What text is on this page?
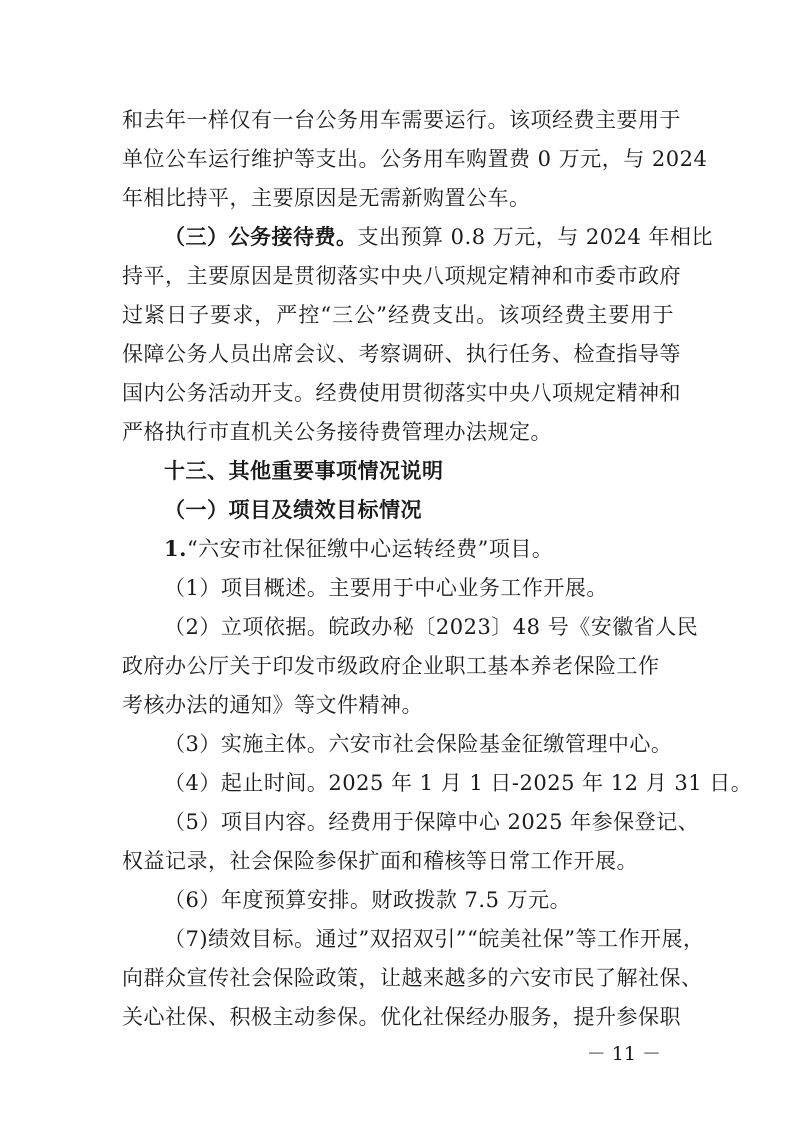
和去年一样仅有一台公务用车需要运行。该项经费主要用于
单位公车运行维护等支出。公务用车购置费 0 万元，与 2024
年相比持平，主要原因是无需新购置公车。
（三）公务接待费。支出预算 0.8 万元，与 2024 年相比
持平，主要原因是贯彻落实中央八项规定精神和市委市政府
过紧日子要求，严控“三公”经费支出。该项经费主要用于
保障公务人员出席会议、考察调研、执行任务、检查指导等
国内公务活动开支。经费使用贯彻落实中央八项规定精神和
严格执行市直机关公务接待费管理办法规定。
十三、其他重要事项情况说明
（一）项目及绩效目标情况
1.“六安市社保征缴中心运转经费”项目。
（1）项目概述。主要用于中心业务工作开展。
（2）立项依据。皖政办秘〔2023〕48 号《安徽省人民
政府办公厅关于印发市级政府企业职工基本养老保险工作
考核办法的通知》等文件精神。
（3）实施主体。六安市社会保险基金征缴管理中心。
（4）起止时间。2025 年 1 月 1 日-2025 年 12 月 31 日。
（5）项目内容。经费用于保障中心 2025 年参保登记、
权益记录，社会保险参保扩面和稽核等日常工作开展。
（6）年度预算安排。财政拨款 7.5 万元。
（7)绩效目标。通过”双招双引”“皖美社保”等工作开展，
向群众宣传社会保险政策，让越来越多的六安市民了解社保、
关心社保、积极主动参保。优化社保经办服务，提升参保职
－ 11 －
